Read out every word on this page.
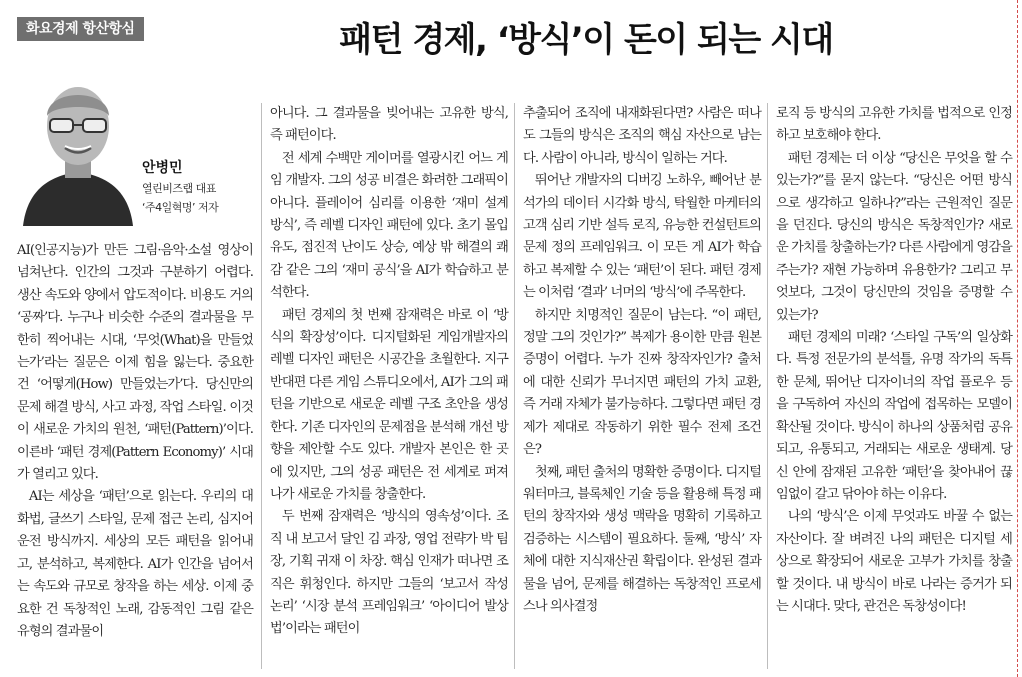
화요경제 항산항심	패턴 경제, ‘방식’이 돈이 되는 시대
안병민
열린비즈랩 대표
‘주4일혁명’ 저자

AI(인공지능)가 만든 그림·음악·소설 영상이 넘쳐난다. 인간의 그것과 구분하기 어렵다. 생산 속도와 양에서 압도적이다. 비용도 거의 ‘공짜’다. 누구나 비슷한 수준의 결과물을 무한히 찍어내는 시대, ‘무엇(What)을 만들었는가’라는 질문은 이제 힘을 잃는다. 중요한 건 ‘어떻게(How) 만들었는가’다. 당신만의 문제 해결 방식, 사고 과정, 작업 스타일. 이것이 새로운 가치의 원천, ‘패턴(Pattern)’이다. 이른바 ‘패턴 경제(Pattern Economy)’ 시대가 열리고 있다.

AI는 세상을 ‘패턴’으로 읽는다. 우리의 대화법, 글쓰기 스타일, 문제 접근 논리, 심지어 운전 방식까지. 세상의 모든 패턴을 읽어내고, 분석하고, 복제한다. AI가 인간을 넘어서는 속도와 규모로 창작을 하는 세상. 이제 중요한 건 독창적인 노래, 감동적인 그림 같은 유형의 결과물이

아니다. 그 결과물을 빚어내는 고유한 방식, 즉 패턴이다.

전 세계 수백만 게이머를 열광시킨 어느 게임 개발자. 그의 성공 비결은 화려한 그래픽이 아니다. 플레이어 심리를 이용한 ‘재미 설계 방식’, 즉 레벨 디자인 패턴에 있다. 초기 몰입 유도, 점진적 난이도 상승, 예상 밖 해결의 쾌감 같은 그의 ‘재미 공식’을 AI가 학습하고 분석한다.

패턴 경제의 첫 번째 잠재력은 바로 이 ‘방식의 확장성’이다. 디지털화된 게임개발자의 레벨 디자인 패턴은 시공간을 초월한다. 지구 반대편 다른 게임 스튜디오에서, AI가 그의 패턴을 기반으로 새로운 레벨 구조 초안을 생성한다. 기존 디자인의 문제점을 분석해 개선 방향을 제안할 수도 있다. 개발자 본인은 한 곳에 있지만, 그의 성공 패턴은 전 세계로 퍼져나가 새로운 가치를 창출한다.

두 번째 잠재력은 ‘방식의 영속성’이다. 조직 내 보고서 달인 김 과장, 영업 전략가 박 팀장, 기획 귀재 이 차장. 핵심 인재가 떠나면 조직은 휘청인다. 하지만 그들의 ‘보고서 작성 논리’ ‘시장 분석 프레임워크’ ‘아이디어 발상법’이라는 패턴이

추출되어 조직에 내재화된다면? 사람은 떠나도 그들의 방식은 조직의 핵심 자산으로 남는다. 사람이 아니라, 방식이 일하는 거다.

뛰어난 개발자의 디버깅 노하우, 빼어난 분석가의 데이터 시각화 방식, 탁월한 마케터의 고객 심리 기반 설득 로직, 유능한 컨설턴트의 문제 정의 프레임워크. 이 모든 게 AI가 학습하고 복제할 수 있는 ‘패턴’이 된다. 패턴 경제는 이처럼 ‘결과’ 너머의 ‘방식’에 주목한다.

하지만 치명적인 질문이 남는다. “이 패턴, 정말 그의 것인가?” 복제가 용이한 만큼 원본 증명이 어렵다. 누가 진짜 창작자인가? 출처에 대한 신뢰가 무너지면 패턴의 가치 교환, 즉 거래 자체가 불가능하다. 그렇다면 패턴 경제가 제대로 작동하기 위한 필수 전제 조건은?

첫째, 패턴 출처의 명확한 증명이다. 디지털 워터마크, 블록체인 기술 등을 활용해 특정 패턴의 창작자와 생성 맥락을 명확히 기록하고 검증하는 시스템이 필요하다. 둘째, ‘방식’ 자체에 대한 지식재산권 확립이다. 완성된 결과물을 넘어, 문제를 해결하는 독창적인 프로세스나 의사결정

로직 등 방식의 고유한 가치를 법적으로 인정하고 보호해야 한다.

패턴 경제는 더 이상 “당신은 무엇을 할 수 있는가?”를 묻지 않는다. “당신은 어떤 방식으로 생각하고 일하나?”라는 근원적인 질문을 던진다. 당신의 방식은 독창적인가? 새로운 가치를 창출하는가? 다른 사람에게 영감을 주는가? 재현 가능하며 유용한가? 그리고 무엇보다, 그것이 당신만의 것임을 증명할 수 있는가?

패턴 경제의 미래? ‘스타일 구독’의 일상화다. 특정 전문가의 분석틀, 유명 작가의 독특한 문체, 뛰어난 디자이너의 작업 플로우 등을 구독하여 자신의 작업에 접목하는 모델이 확산될 것이다. 방식이 하나의 상품처럼 공유되고, 유통되고, 거래되는 새로운 생태계. 당신 안에 잠재된 고유한 ‘패턴’을 찾아내어 끊임없이 갈고 닦아야 하는 이유다.

나의 ‘방식’은 이제 무엇과도 바꿀 수 없는 자산이다. 잘 벼려진 나의 패턴은 디지털 세상으로 확장되어 새로운 고부가 가치를 창출할 것이다. 내 방식이 바로 나라는 증거가 되는 시대다. 맞다, 관건은 독창성이다!
